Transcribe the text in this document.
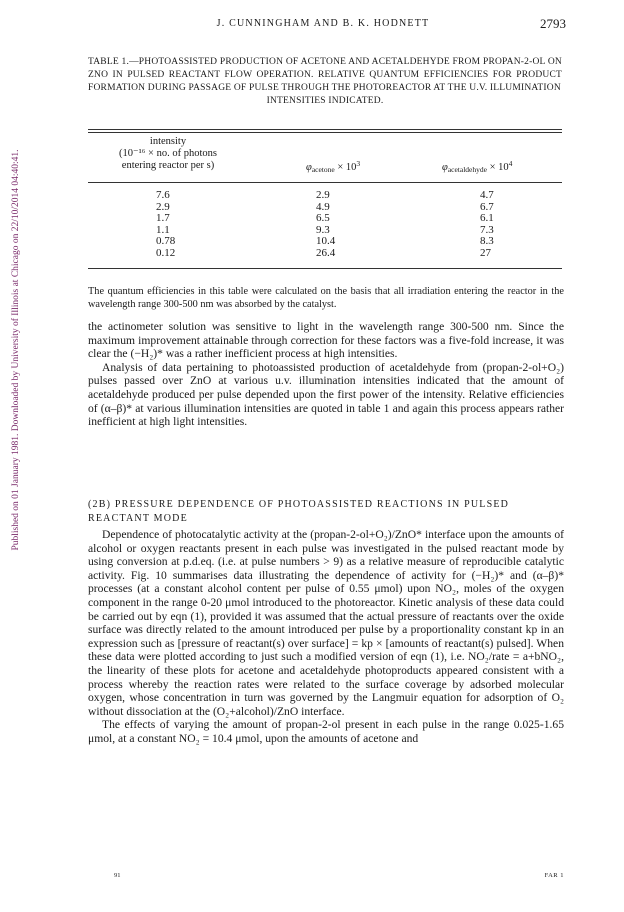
Published on 01 January 1981. Downloaded by University of Illinois at Chicago on 22/10/2014 04:40:41.
J. CUNNINGHAM AND B. K. HODNETT	2793
TABLE 1.—PHOTOASSISTED PRODUCTION OF ACETONE AND ACETALDEHYDE FROM PROPAN-2-OL ON ZNO IN PULSED REACTANT FLOW OPERATION. RELATIVE QUANTUM EFFICIENCIES FOR PRODUCT FORMATION DURING PASSAGE OF PULSE THROUGH THE PHOTOREACTOR AT THE U.V. ILLUMINATION
INTENSITIES INDICATED.
intensity
(10⁻¹⁶ × no. of photons
entering reactor per s)	$\varphi_{acetone} \times 10^3$	$\varphi_{acetaldehyde} \times 10^4$
7.6	2.9	4.7
2.9	4.9	6.7
1.7	6.5	6.1
1.1	9.3	7.3
0.78	10.4	8.3
0.12	26.4	27
The quantum efficiencies in this table were calculated on the basis that all irradiation entering the reactor in the wavelength range 300-500 nm was absorbed by the catalyst.

the actinometer solution was sensitive to light in the wavelength range 300-500 nm. Since the maximum improvement attainable through correction for these factors was a five-fold increase, it was clear the (−H₂)* was a rather inefficient process at high intensities.

Analysis of data pertaining to photoassisted production of acetaldehyde from (propan-2-ol+O₂) pulses passed over ZnO at various u.v. illumination intensities indicated that the amount of acetaldehyde produced per pulse depended upon the first power of the intensity. Relative efficiencies of (α–β)* at various illumination intensities are quoted in table 1 and again this process appears rather inefficient at high light intensities.

(2B) PRESSURE DEPENDENCE OF PHOTOASSISTED REACTIONS IN PULSED REACTANT MODE

Dependence of photocatalytic activity at the (propan-2-ol+O₂)/ZnO* interface upon the amounts of alcohol or oxygen reactants present in each pulse was investigated in the pulsed reactant mode by using conversion at p.d.eq. (i.e. at pulse numbers > 9) as a relative measure of reproducible catalytic activity. Fig. 10 summarises data illustrating the dependence of activity for (−H₂)* and (α–β)* processes (at a constant alcohol content per pulse of 0.55 μmol) upon NO₂, moles of the oxygen component in the range 0-20 μmol introduced to the photoreactor. Kinetic analysis of these data could be carried out by eqn (1), provided it was assumed that the actual pressure of reactants over the oxide surface was directly related to the amount introduced per pulse by a proportionality constant kp in an expression such as [pressure of reactant(s) over surface] = kp × [amounts of reactant(s) pulsed]. When these data were plotted according to just such a modified version of eqn (1), i.e. NO₂/rate = a+bNO₂, the linearity of these plots for acetone and acetaldehyde photoproducts appeared consistent with a process whereby the reaction rates were related to the surface coverage by adsorbed molecular oxygen, whose concentration in turn was governed by the Langmuir equation for adsorption of O₂ without dissociation at the (O₂+alcohol)/ZnO interface.

The effects of varying the amount of propan-2-ol present in each pulse in the range 0.025-1.65 μmol, at a constant NO₂ = 10.4 μmol, upon the amounts of acetone and

91	FAR 1
